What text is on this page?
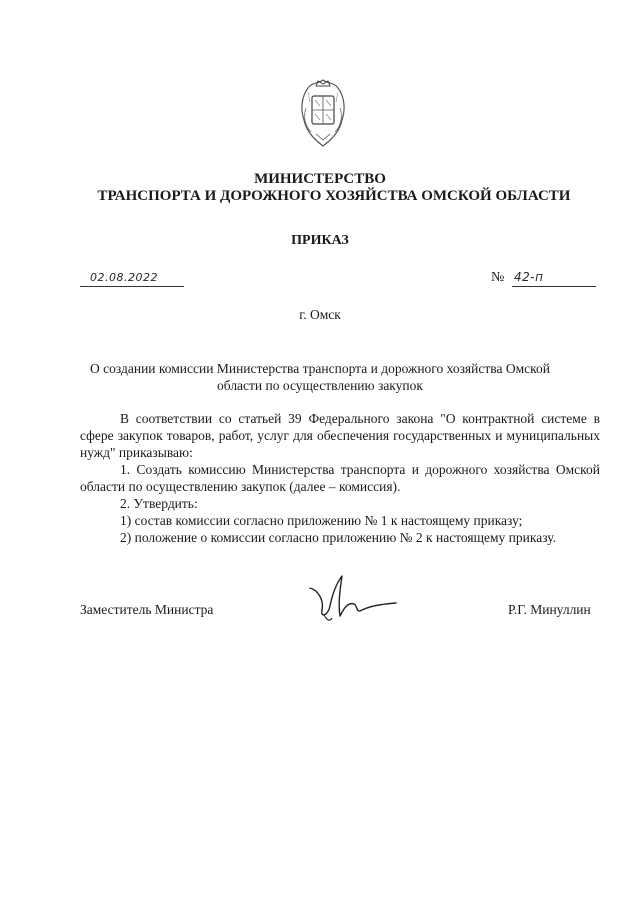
МИНИСТЕРСТВО
ТРАНСПОРТА И ДОРОЖНОГО ХОЗЯЙСТВА ОМСКОЙ ОБЛАСТИ
ПРИКАЗ
02.08.2022	№ 42-п
г. Омск
О создании комиссии Министерства транспорта и дорожного хозяйства Омской области по осуществлению закупок

В соответствии со статьей 39 Федерального закона "О контрактной системе в сфере закупок товаров, работ, услуг для обеспечения государственных и муниципальных нужд" приказываю:

1. Создать комиссию Министерства транспорта и дорожного хозяйства Омской области по осуществлению закупок (далее – комиссия).

2. Утвердить:

1) состав комиссии согласно приложению № 1 к настоящему приказу;

2) положение о комиссии согласно приложению № 2 к настоящему приказу.

Заместитель Министра	Р.Г. Минуллин
